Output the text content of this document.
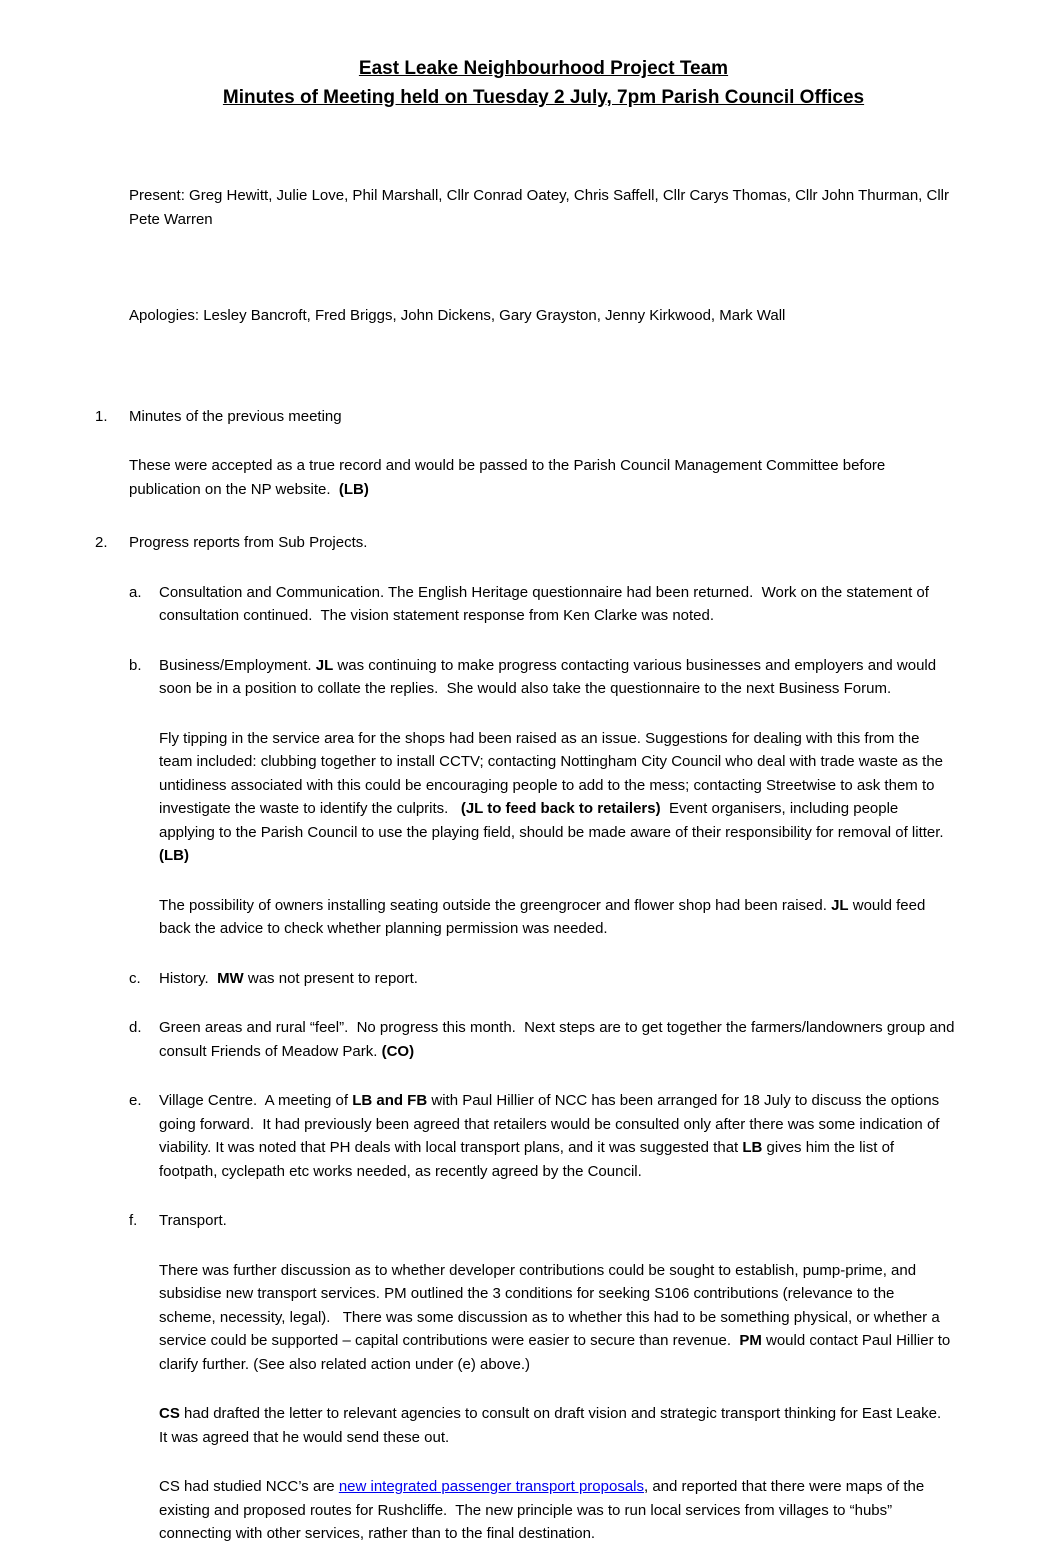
East Leake Neighbourhood Project Team
Minutes of Meeting held on Tuesday 2 July, 7pm Parish Council Offices

Present: Greg Hewitt, Julie Love, Phil Marshall, Cllr Conrad Oatey, Chris Saffell, Cllr Carys Thomas, Cllr John Thurman, Cllr Pete Warren

Apologies: Lesley Bancroft, Fred Briggs, John Dickens, Gary Grayston, Jenny Kirkwood, Mark Wall

1.	Minutes of the previous meeting
These were accepted as a true record and would be passed to the Parish Council Management Committee before publication on the NP website.  (LB)
2.	Progress reports from Sub Projects.
a.	Consultation and Communication. The English Heritage questionnaire had been returned.  Work on the statement of consultation continued.  The vision statement response from Ken Clarke was noted.
b.	Business/Employment. JL was continuing to make progress contacting various businesses and employers and would soon be in a position to collate the replies.  She would also take the questionnaire to the next Business Forum.
Fly tipping in the service area for the shops had been raised as an issue. Suggestions for dealing with this from the team included: clubbing together to install CCTV; contacting Nottingham City Council who deal with trade waste as the untidiness associated with this could be encouraging people to add to the mess; contacting Streetwise to ask them to investigate the waste to identify the culprits.   (JL to feed back to retailers)  Event organisers, including people applying to the Parish Council to use the playing field, should be made aware of their responsibility for removal of litter.  (LB)
The possibility of owners installing seating outside the greengrocer and flower shop had been raised. JL would feed back the advice to check whether planning permission was needed.
c.	History.  MW was not present to report.
d.	Green areas and rural “feel”.  No progress this month.  Next steps are to get together the farmers/landowners group and consult Friends of Meadow Park. (CO)
e.	Village Centre.  A meeting of LB and FB with Paul Hillier of NCC has been arranged for 18 July to discuss the options going forward.  It had previously been agreed that retailers would be consulted only after there was some indication of viability. It was noted that PH deals with local transport plans, and it was suggested that LB gives him the list of footpath, cyclepath etc works needed, as recently agreed by the Council.
f.	Transport.
There was further discussion as to whether developer contributions could be sought to establish, pump-prime, and subsidise new transport services. PM outlined the 3 conditions for seeking S106 contributions (relevance to the scheme, necessity, legal).   There was some discussion as to whether this had to be something physical, or whether a service could be supported – capital contributions were easier to secure than revenue.  PM would contact Paul Hillier to clarify further. (See also related action under (e) above.)
CS had drafted the letter to relevant agencies to consult on draft vision and strategic transport thinking for East Leake.  It was agreed that he would send these out.
CS had studied NCC’s are new integrated passenger transport proposals, and reported that there were maps of the existing and proposed routes for Rushcliffe.  The new principle was to run local services from villages to “hubs” connecting with other services, rather than to the final destination.
